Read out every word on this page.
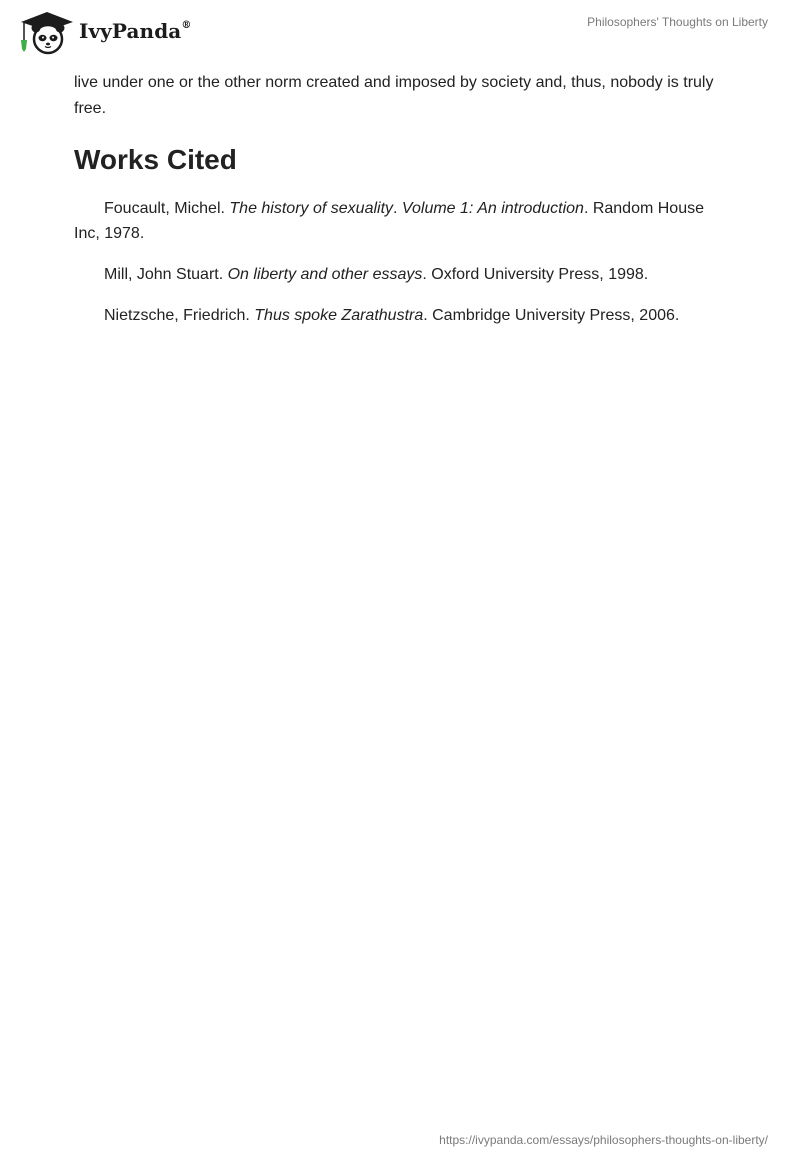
IvyPanda®	Philosophers' Thoughts on Liberty

live under one or the other norm created and imposed by society and, thus, nobody is truly free.

Works Cited

Foucault, Michel. The history of sexuality. Volume 1: An introduction. Random House Inc, 1978.

Mill, John Stuart. On liberty and other essays. Oxford University Press, 1998.

Nietzsche, Friedrich. Thus spoke Zarathustra. Cambridge University Press, 2006.

https://ivypanda.com/essays/philosophers-thoughts-on-liberty/
